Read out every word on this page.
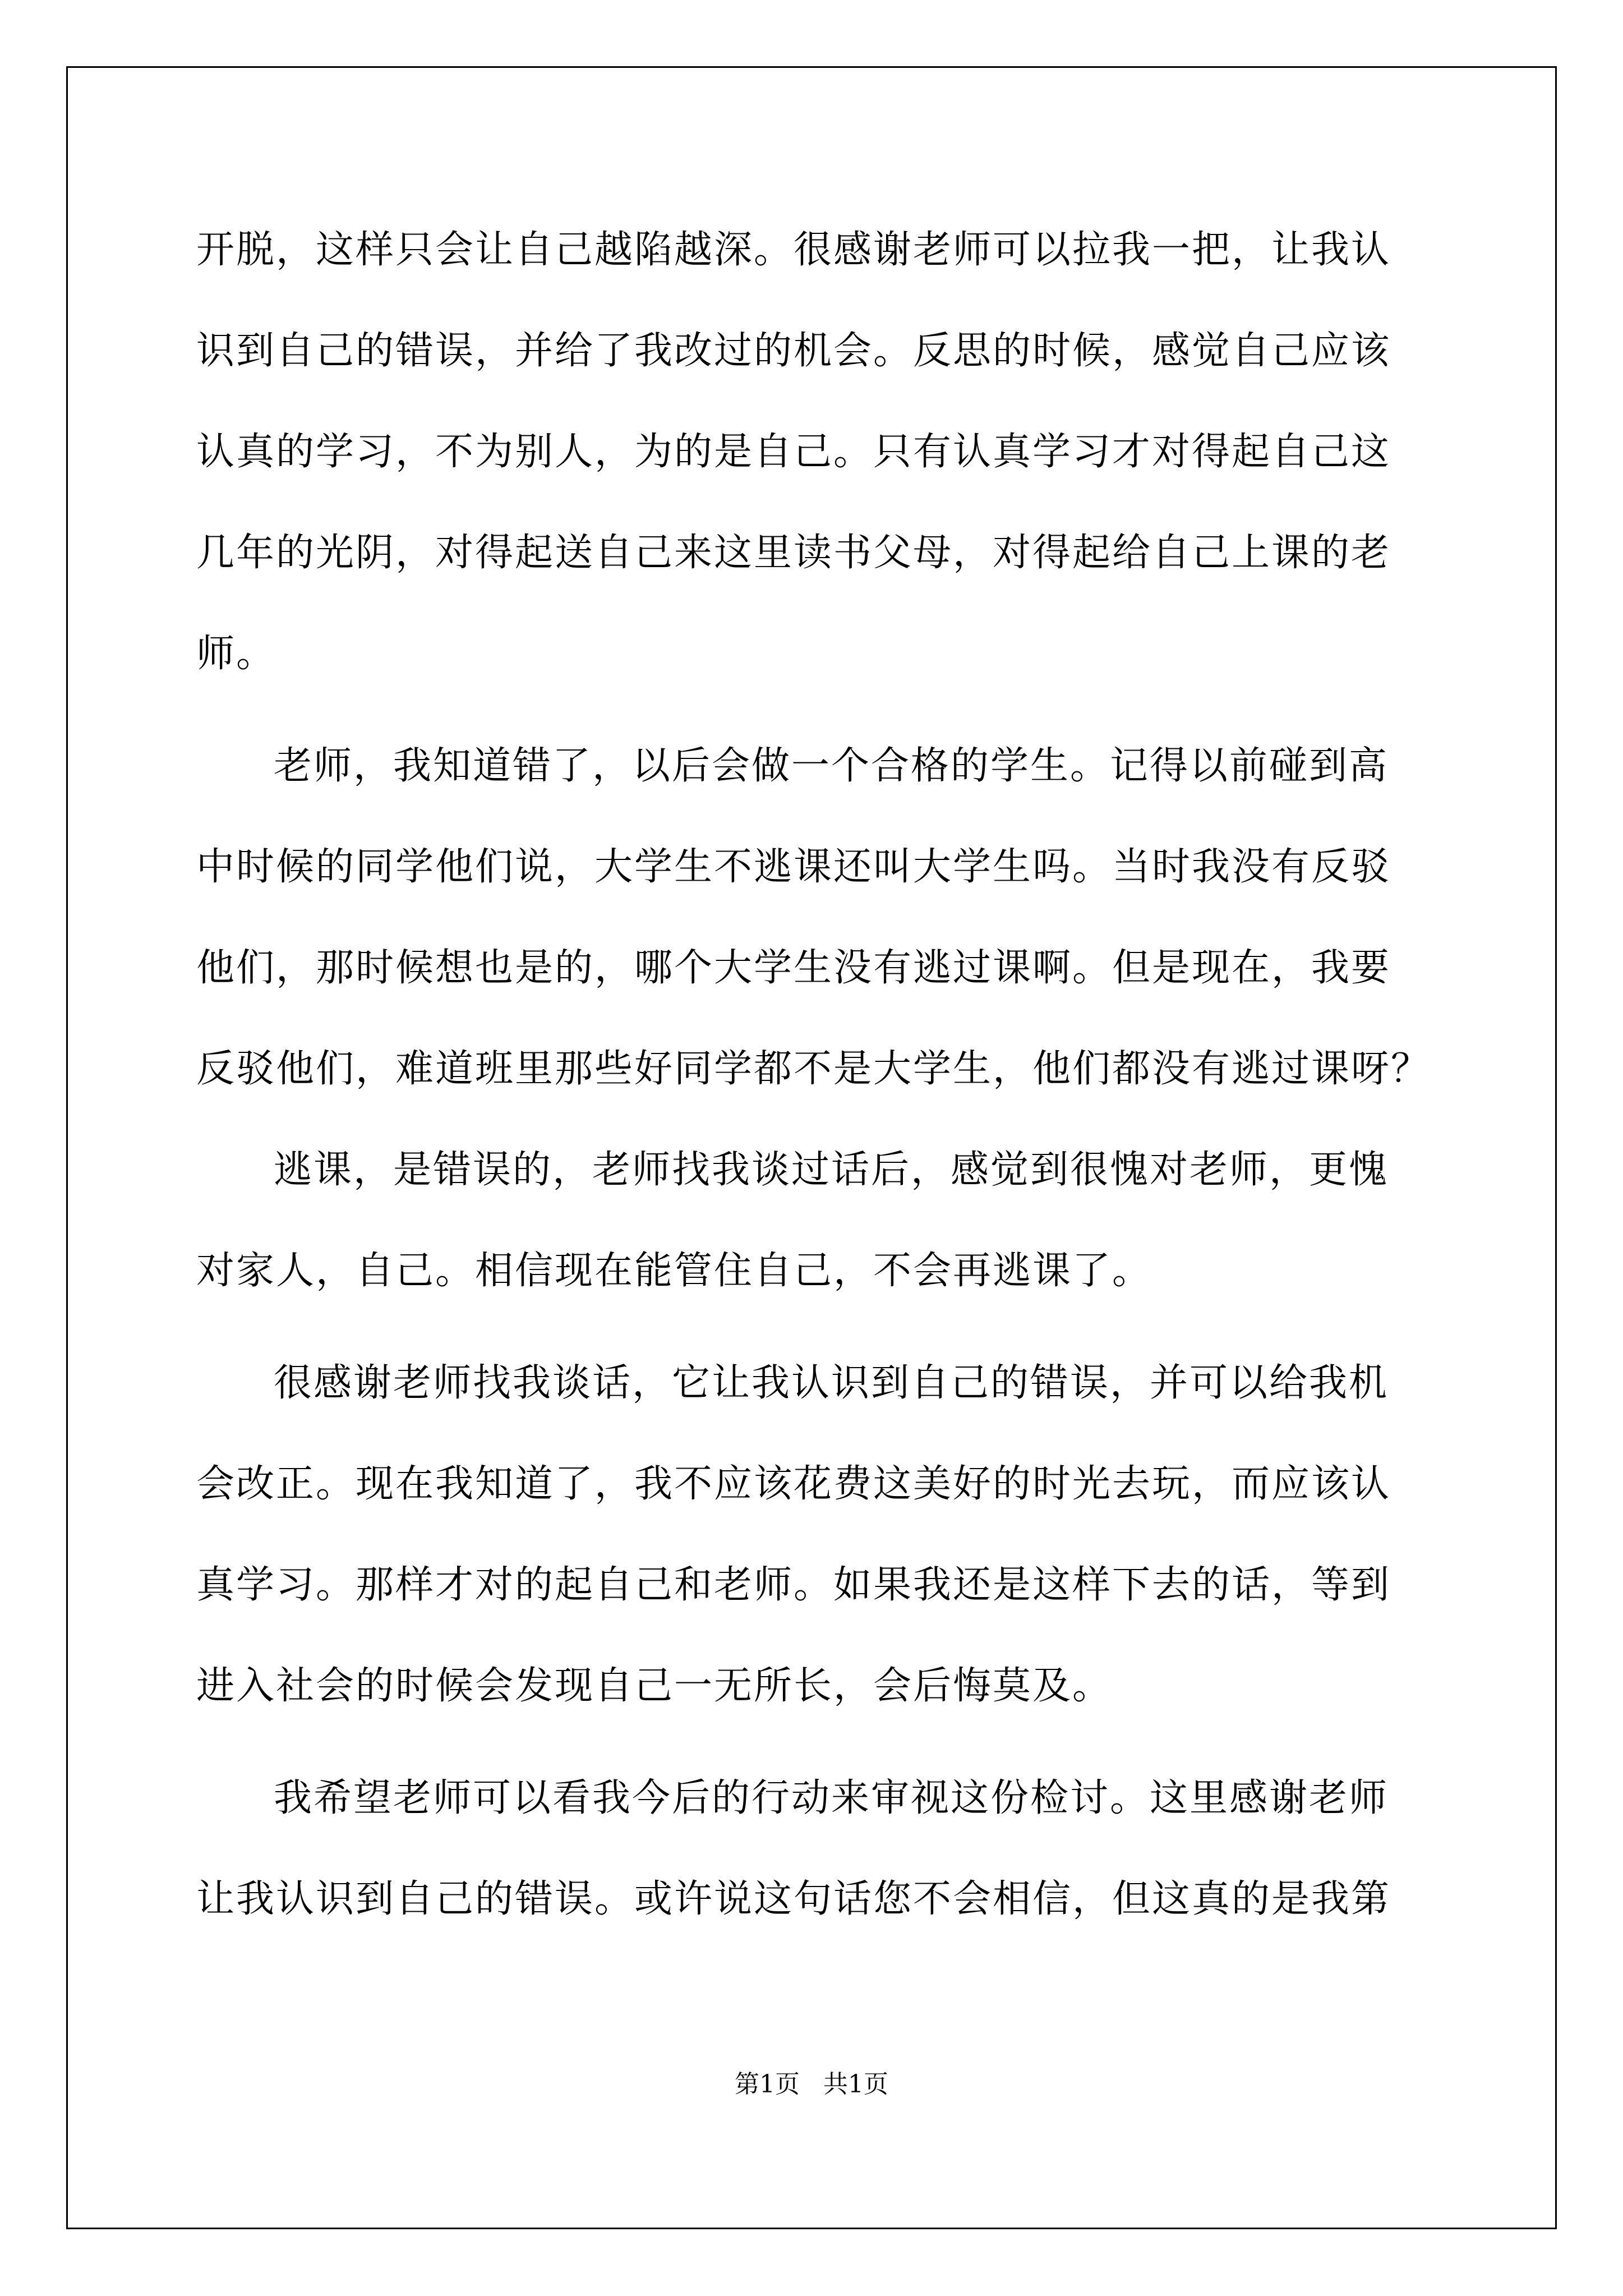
开脱，这样只会让自己越陷越深。很感谢老师可以拉我一把，让我认
识到自己的错误，并给了我改过的机会。反思的时候，感觉自己应该
认真的学习，不为别人，为的是自己。只有认真学习才对得起自己这
几年的光阴，对得起送自己来这里读书父母，对得起给自己上课的老
师。
老师，我知道错了，以后会做一个合格的学生。记得以前碰到高
中时候的同学他们说，大学生不逃课还叫大学生吗。当时我没有反驳
他们，那时候想也是的，哪个大学生没有逃过课啊。但是现在，我要
反驳他们，难道班里那些好同学都不是大学生，他们都没有逃过课呀？
逃课，是错误的，老师找我谈过话后，感觉到很愧对老师，更愧
对家人，自己。相信现在能管住自己，不会再逃课了。
很感谢老师找我谈话，它让我认识到自己的错误，并可以给我机
会改正。现在我知道了，我不应该花费这美好的时光去玩，而应该认
真学习。那样才对的起自己和老师。如果我还是这样下去的话，等到
进入社会的时候会发现自己一无所长，会后悔莫及。
我希望老师可以看我今后的行动来审视这份检讨。这里感谢老师
让我认识到自己的错误。或许说这句话您不会相信，但这真的是我第
第1页 共1页
